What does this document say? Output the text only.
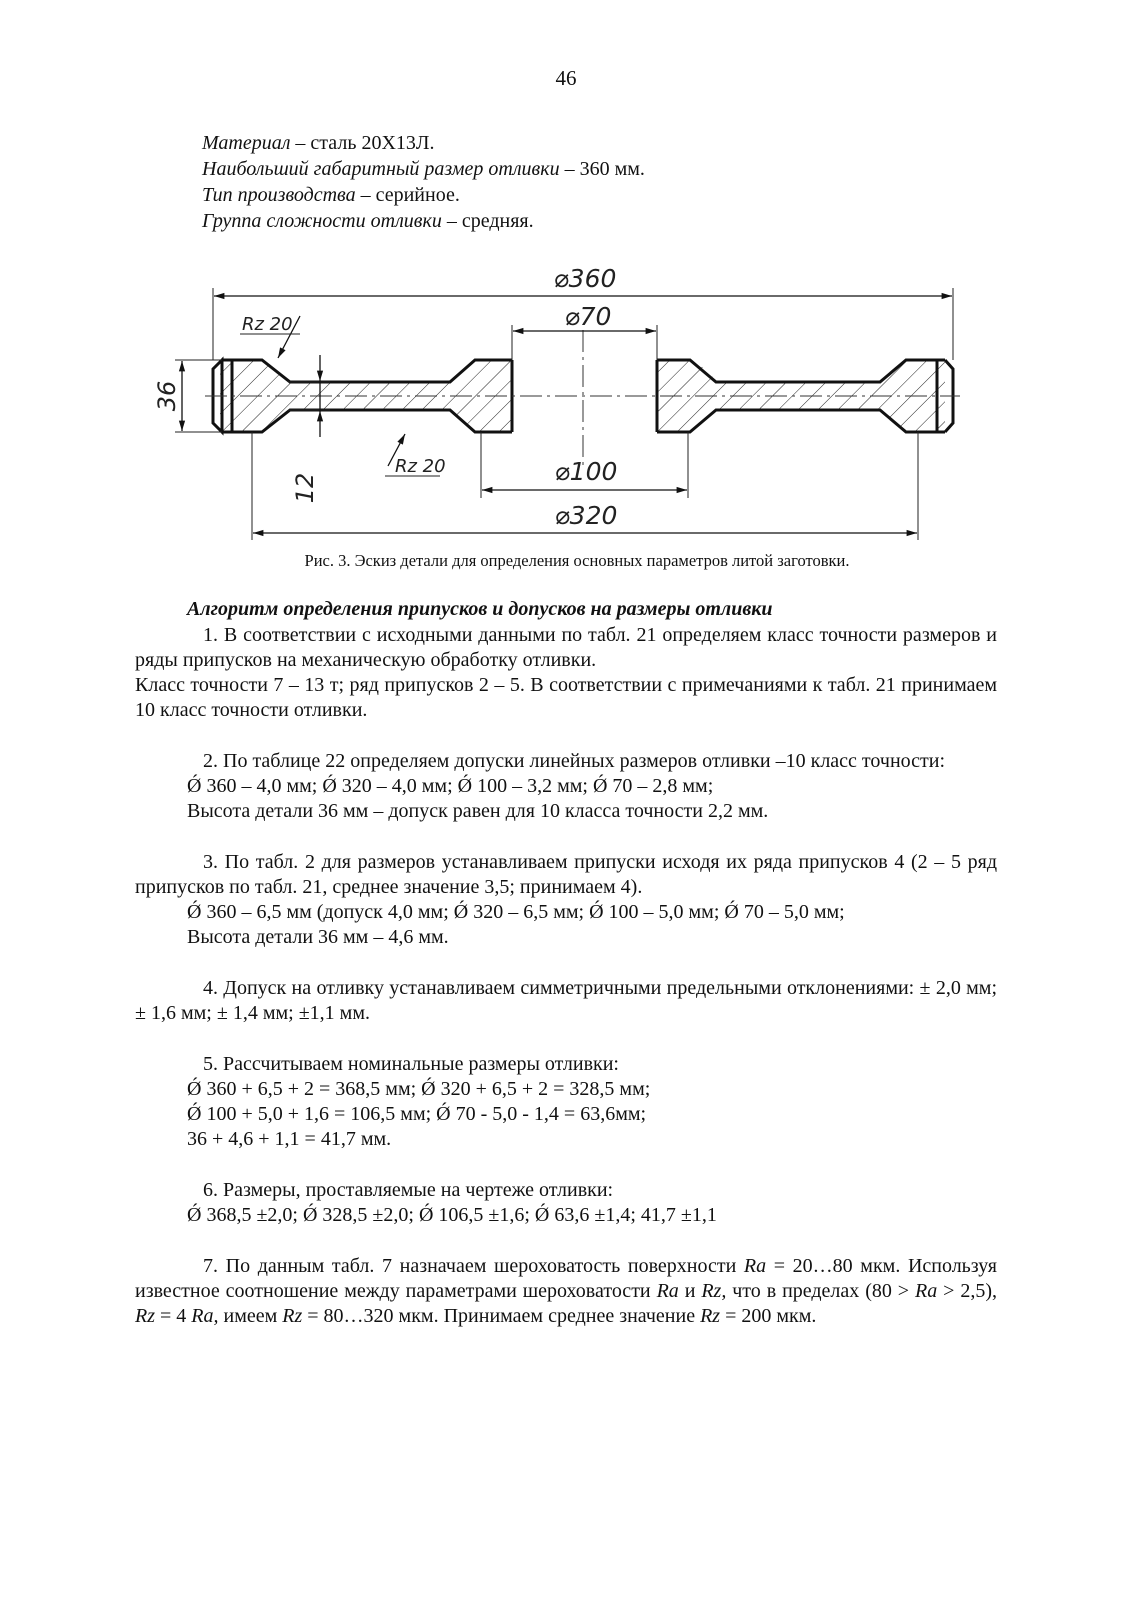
46
Материал – сталь 20Х13Л.
Наибольший габаритный размер отливки – 360 мм.
Тип производства – серийное.
Группа сложности отливки – средняя.
⌀360
⌀70
⌀100
⌀320
36
12
Rz 20
Rz 20
Рис. 3. Эскиз детали для определения основных параметров литой заготовки.
Алгоритм определения припусков и допусков на размеры отливки
1. В соответствии с исходными данными по табл. 21 определяем класс точности размеров и ряды припусков на механическую обработку отливки.
Класс точности 7 – 13 т; ряд припусков 2 – 5. В соответствии с примечаниями к табл. 21 принимаем 10 класс точности отливки.
2. По таблице 22 определяем допуски линейных размеров отливки –10 класс точности:
Ǿ 360 – 4,0 мм; Ǿ 320 – 4,0 мм; Ǿ 100 – 3,2 мм; Ǿ 70 – 2,8 мм;
Высота детали 36 мм – допуск равен для 10 класса точности 2,2 мм.
3. По табл. 2 для размеров устанавливаем припуски исходя их ряда припусков 4 (2 – 5 ряд припусков по табл. 21, среднее значение 3,5; принимаем 4).
Ǿ 360 – 6,5 мм (допуск 4,0 мм; Ǿ 320 – 6,5 мм; Ǿ 100 – 5,0 мм; Ǿ 70 – 5,0 мм;
Высота детали 36 мм – 4,6 мм.
4. Допуск на отливку устанавливаем симметричными предельными отклонениями: ± 2,0 мм; ± 1,6 мм; ± 1,4 мм; ±1,1 мм.
5. Рассчитываем номинальные размеры отливки:
Ǿ 360 + 6,5 + 2 = 368,5 мм; Ǿ 320 + 6,5 + 2 = 328,5 мм;
Ǿ 100 + 5,0 + 1,6 = 106,5 мм; Ǿ 70 - 5,0 - 1,4 = 63,6мм;
36 + 4,6 + 1,1 = 41,7 мм.
6. Размеры, проставляемые на чертеже отливки:
Ǿ 368,5 ±2,0; Ǿ 328,5 ±2,0; Ǿ 106,5 ±1,6; Ǿ 63,6 ±1,4; 41,7 ±1,1
7. По данным табл. 7 назначаем шероховатость поверхности Ra = 20…80 мкм. Используя известное соотношение между параметрами шероховатости Ra и Rz, что в пределах (80 > Ra > 2,5), Rz = 4 Ra, имеем Rz = 80…320 мкм. Принимаем среднее значение Rz = 200 мкм.
